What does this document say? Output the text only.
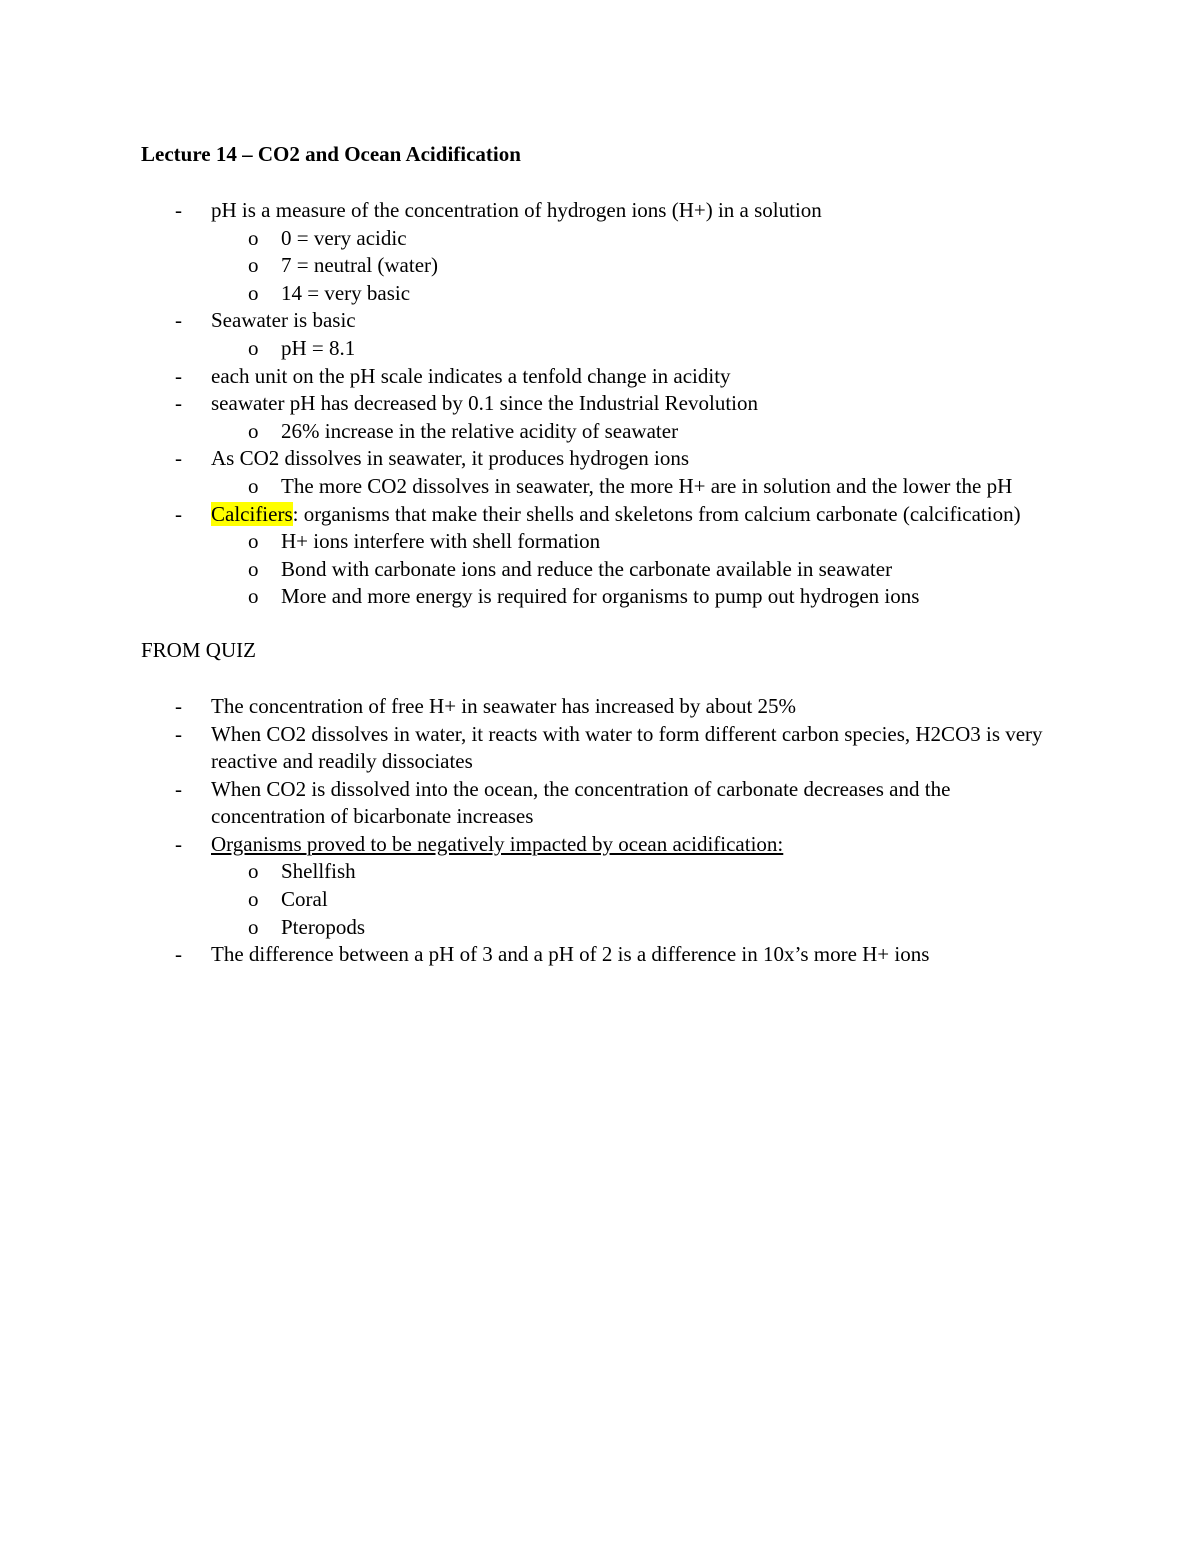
Lecture 14 – CO2 and Ocean Acidification

- pH is a measure of the concentration of hydrogen ions (H+) in a solution
o 0 = very acidic
o 7 = neutral (water)
o 14 = very basic
- Seawater is basic
o pH = 8.1
- each unit on the pH scale indicates a tenfold change in acidity
- seawater pH has decreased by 0.1 since the Industrial Revolution
o 26% increase in the relative acidity of seawater
- As CO2 dissolves in seawater, it produces hydrogen ions
o The more CO2 dissolves in seawater, the more H+ are in solution and the lower the pH
- Calcifiers: organisms that make their shells and skeletons from calcium carbonate (calcification)
o H+ ions interfere with shell formation
o Bond with carbonate ions and reduce the carbonate available in seawater
o More and more energy is required for organisms to pump out hydrogen ions

FROM QUIZ

- The concentration of free H+ in seawater has increased by about 25%
- When CO2 dissolves in water, it reacts with water to form different carbon species, H2CO3 is very reactive and readily dissociates
- When CO2 is dissolved into the ocean, the concentration of carbonate decreases and the concentration of bicarbonate increases
- Organisms proved to be negatively impacted by ocean acidification:
o Shellfish
o Coral
o Pteropods
- The difference between a pH of 3 and a pH of 2 is a difference in 10x’s more H+ ions
